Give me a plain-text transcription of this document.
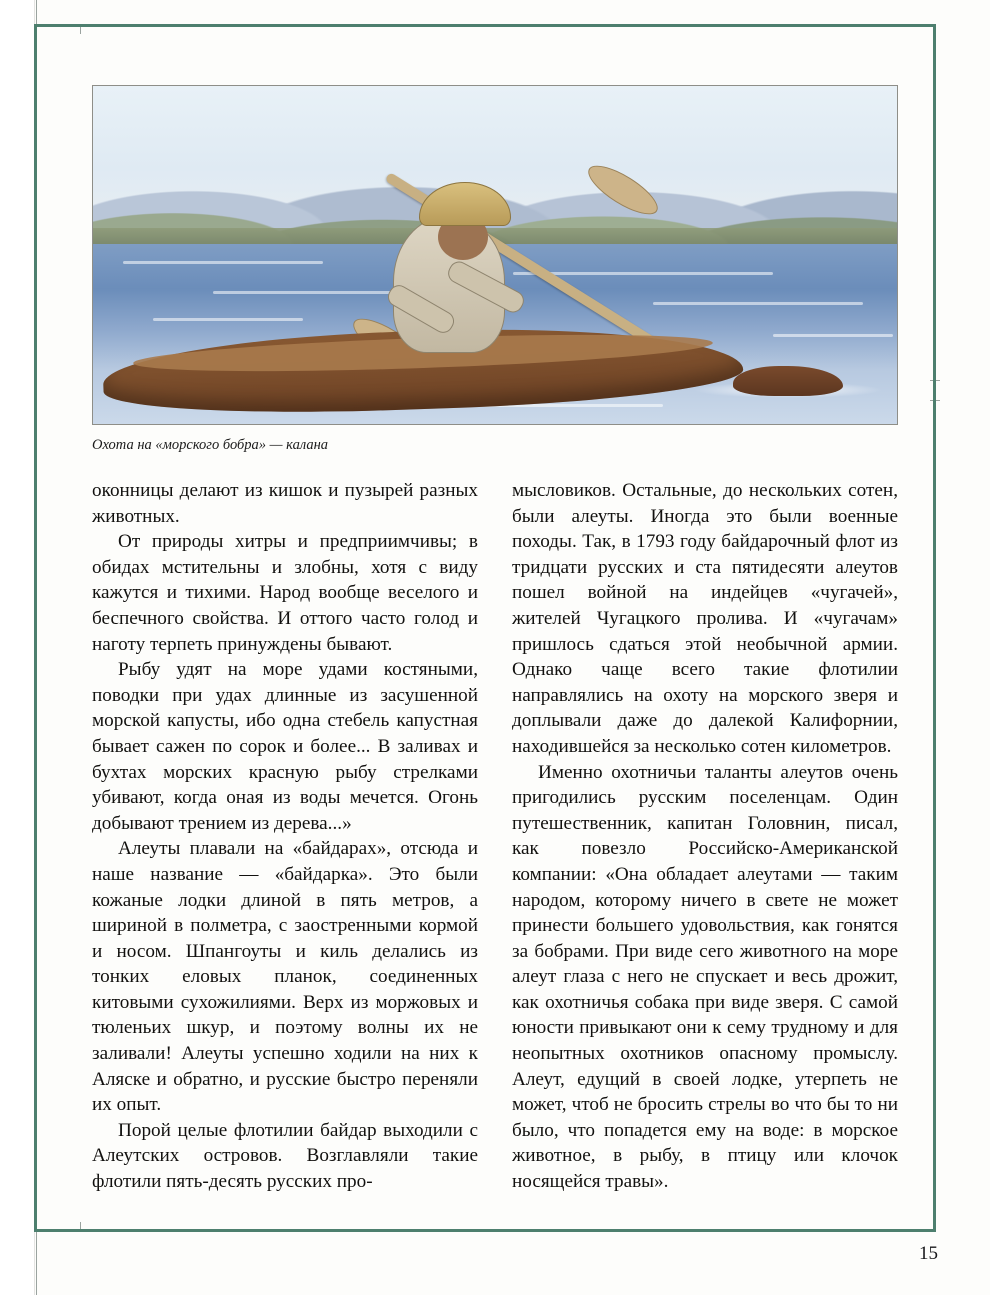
Охота на «морского бобра» — калана

оконницы делают из кишок и пузырей разных животных.

От природы хитры и предприимчивы; в обидах мстительны и злобны, хотя с виду кажутся и тихими. Народ вообще веселого и беспечного свойства. И оттого часто голод и наготу терпеть принуждены бывают.

Рыбу удят на море удами костяными, поводки при удах длинные из засушенной морской капусты, ибо одна стебель капустная бывает сажен по сорок и более... В заливах и бухтах морских красную рыбу стрелками убивают, когда оная из воды мечется. Огонь добывают трением из дерева...»

Алеуты плавали на «байдарах», отсюда и наше название — «байдарка». Это были кожаные лодки длиной в пять метров, а шириной в полметра, с заостренными кормой и носом. Шпангоуты и киль делались из тонких еловых планок, соединенных китовыми сухожилиями. Верх из моржовых и тюленьих шкур, и поэтому волны их не заливали! Алеуты успешно ходили на них к Аляске и обратно, и русские быстро переняли их опыт.

Порой целые флотилии байдар выходили с Алеутских островов. Возглавляли такие флотили пять-десять русских про-

мысловиков. Остальные, до нескольких сотен, были алеуты. Иногда это были военные походы. Так, в 1793 году байдарочный флот из тридцати русских и ста пятидесяти алеутов пошел войной на индейцев «чугачей», жителей Чугацкого пролива. И «чугачам» пришлось сдаться этой необычной армии. Однако чаще всего такие флотилии направлялись на охоту на морского зверя и доплывали даже до далекой Калифорнии, находившейся за несколько сотен километров.

Именно охотничьи таланты алеутов очень пригодились русским поселенцам. Один путешественник, капитан Головнин, писал, как повезло Российско-Американской компании: «Она обладает алеутами — таким народом, которому ничего в свете не может принести большего удовольствия, как гонятся за бобрами. При виде сего животного на море алеут глаза с него не спускает и весь дрожит, как охотничья собака при виде зверя. С самой юности привыкают они к сему трудному и для неопытных охотников опасному промыслу. Алеут, едущий в своей лодке, утерпеть не может, чтоб не бросить стрелы во что бы то ни было, что попадется ему на воде: в морское животное, в рыбу, в птицу или клочок носящейся травы».

15
